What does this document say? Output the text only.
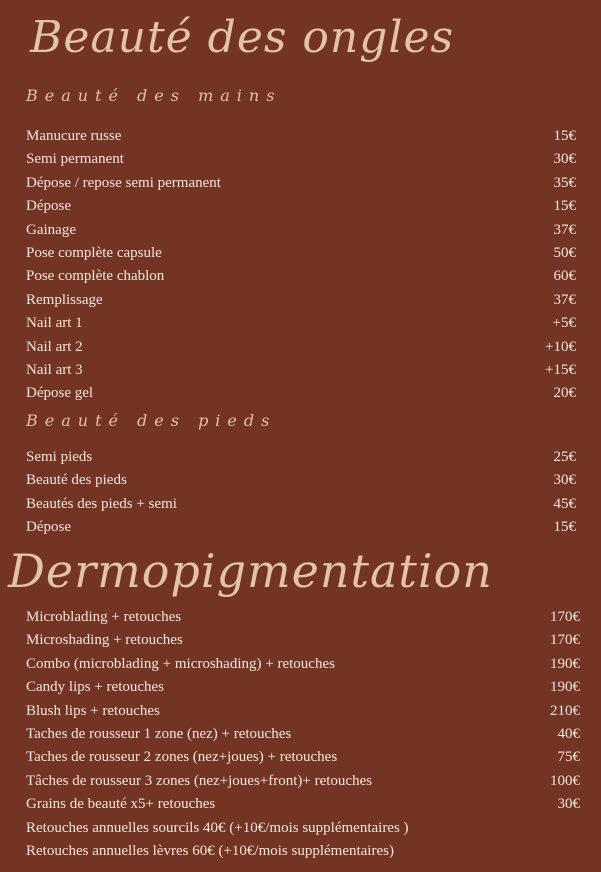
Beauté des ongles
Beauté des mains
Manucure russe	15€
Semi permanent	30€
Dépose / repose semi permanent	35€
Dépose	15€
Gainage	37€
Pose complète capsule	50€
Pose complète chablon	60€
Remplissage	37€
Nail art 1	+5€
Nail art 2	+10€
Nail art 3	+15€
Dépose gel	20€
Beauté des pieds
Semi pieds	25€
Beauté des pieds	30€
Beautés des pieds + semi	45€
Dépose	15€
Dermopigmentation
Microblading + retouches	170€
Microshading + retouches	170€
Combo (microblading + microshading) + retouches	190€
Candy lips + retouches	190€
Blush lips + retouches	210€
Taches de rousseur 1 zone (nez) + retouches	40€
Taches de rousseur 2 zones (nez+joues) + retouches	75€
Tâches de rousseur 3 zones (nez+joues+front)+ retouches	100€
Grains de beauté x5+ retouches	30€
Retouches annuelles sourcils 40€ (+10€/mois supplémentaires )
Retouches annuelles lèvres 60€ (+10€/mois supplémentaires)
